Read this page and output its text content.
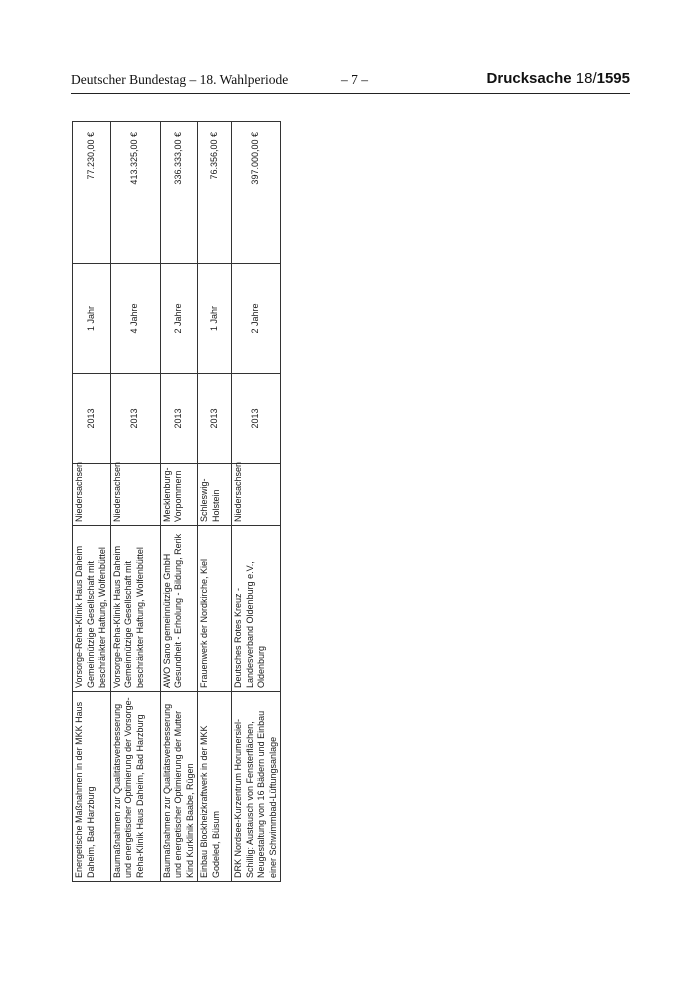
Deutscher Bundestag – 18. Wahlperiode	– 7 –	Drucksache 18/1595
Energetische Maßnahmen in der MKK Haus Daheim, Bad Harzburg	Vorsorge-Reha-Klinik Haus Daheim Gemeinnützige Gesellschaft mit beschränkter Haftung, Wolfenbüttel	Niedersachsen	2013	1 Jahr	77.230,00 €
Baumaßnahmen zur Qualitätsverbesserung und energetischer Optimierung der Vorsorge-Reha-Klinik Haus Daheim, Bad Harzburg	Vorsorge-Reha-Klinik Haus Daheim Gemeinnützige Gesellschaft mit beschränkter Haftung, Wolfenbüttel	Niedersachsen	2013	4 Jahre	413.325,00 €
Baumaßnahmen zur Qualitätsverbesserung und energetischer Optimierung der Mutter Kind Kurklinik Baabe, Rügen	AWO Sano gemeinnützige GmbH Gesundheit - Erholung - Bildung, Rerik	Mecklenburg-Vorpommern	2013	2 Jahre	336.333,00 €
Einbau Blockheizkraftwerk in der MKK Godeled, Büsum	Frauenwerk der Nordkirche, Kiel	Schleswig-Holstein	2013	1 Jahr	76.356,00 €
DRK Nordsee-Kurzentrum Horumersiel-Schillig: Austausch von Fensterflächen, Neugestaltung von 16 Bädern und Einbau einer Schwimmbad-Lüftungsanlage	Deutsches Rotes Kreuz - Landesverband Oldenburg e.V., Oldenburg	Niedersachsen	2013	2 Jahre	397.000,00 €
